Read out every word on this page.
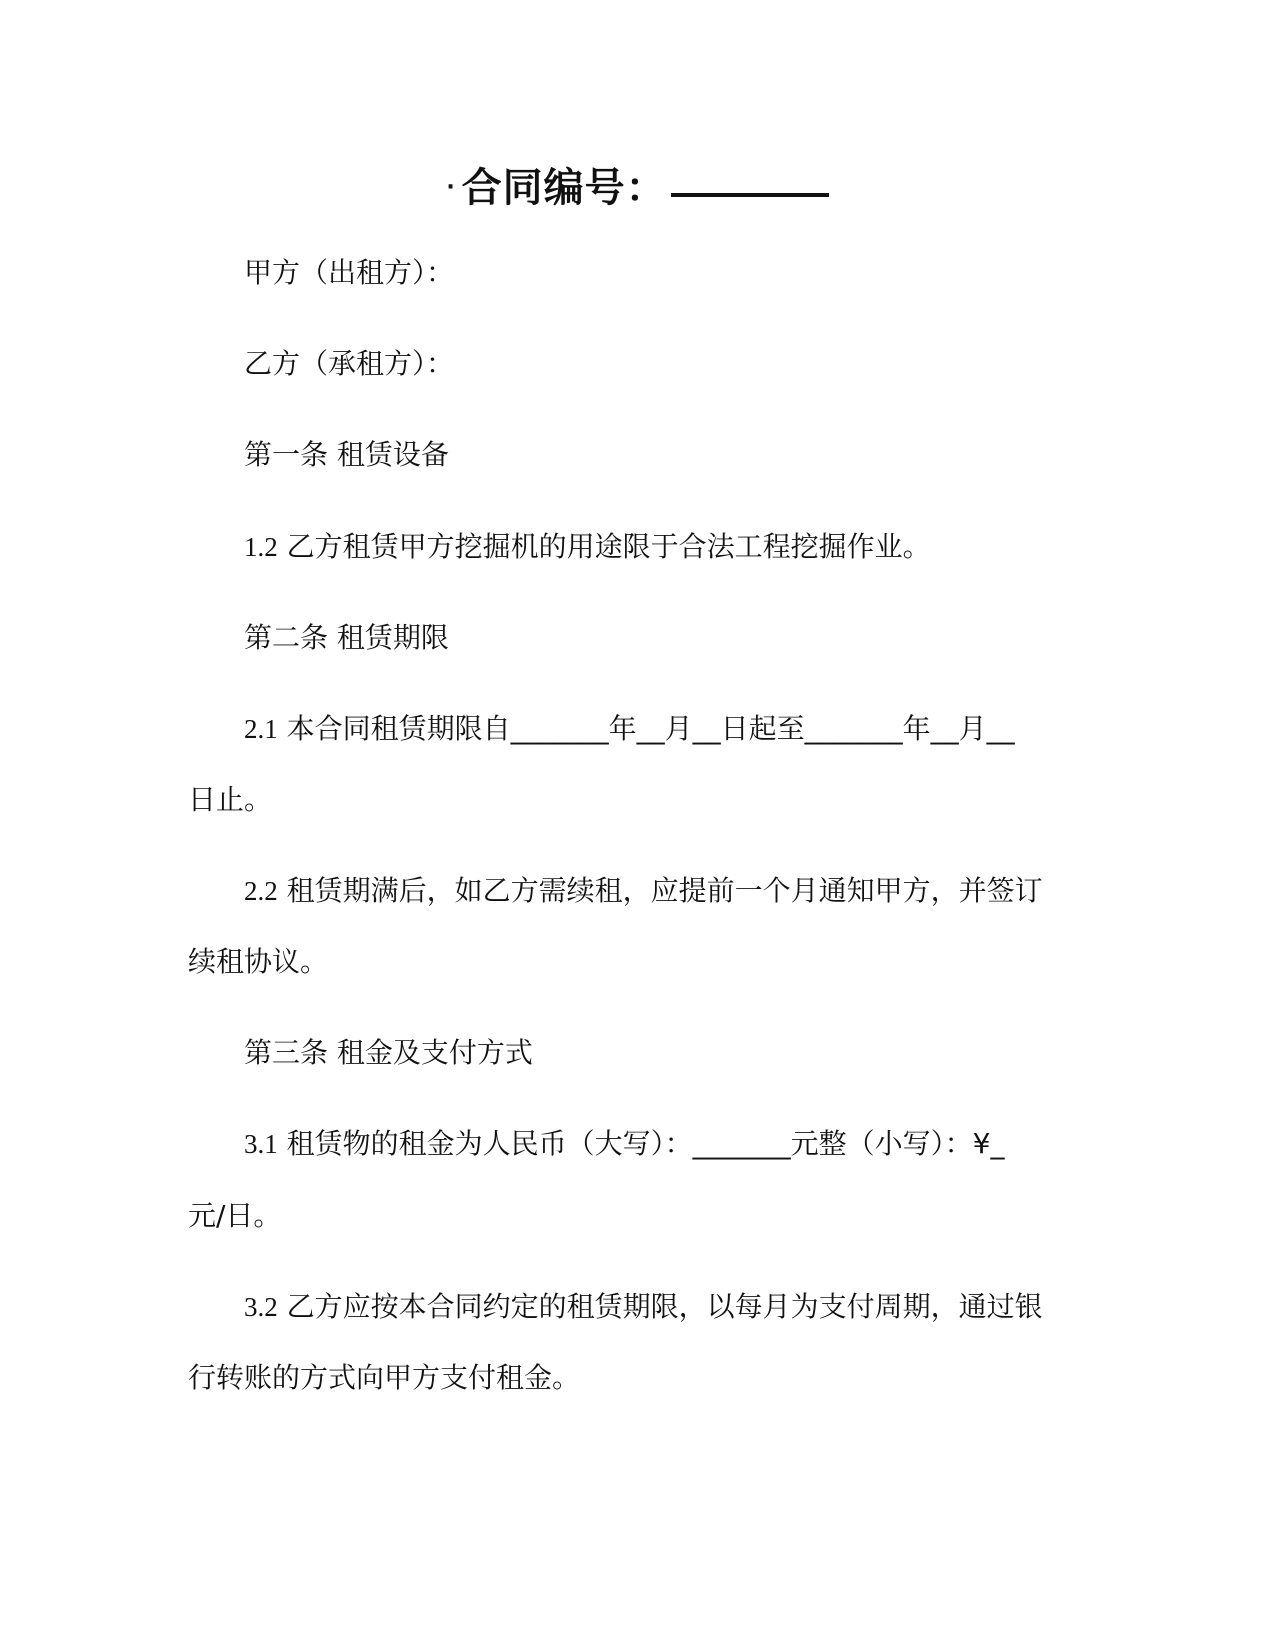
· 合同编号：
甲方（出租方）：
乙方（承租方）：
第一条 租赁设备
1.2 乙方租赁甲方挖掘机的用途限于合法工程挖掘作业。
第二条 租赁期限
2.1 本合同租赁期限自_______年__月__日起至_______年__月__
日止。
2.2 租赁期满后，如乙方需续租，应提前一个月通知甲方，并签订
续租协议。
第三条 租金及支付方式
3.1 租赁物的租金为人民币（大写）：_______元整（小写）：¥_
元/日。
3.2 乙方应按本合同约定的租赁期限，以每月为支付周期，通过银
行转账的方式向甲方支付租金。
